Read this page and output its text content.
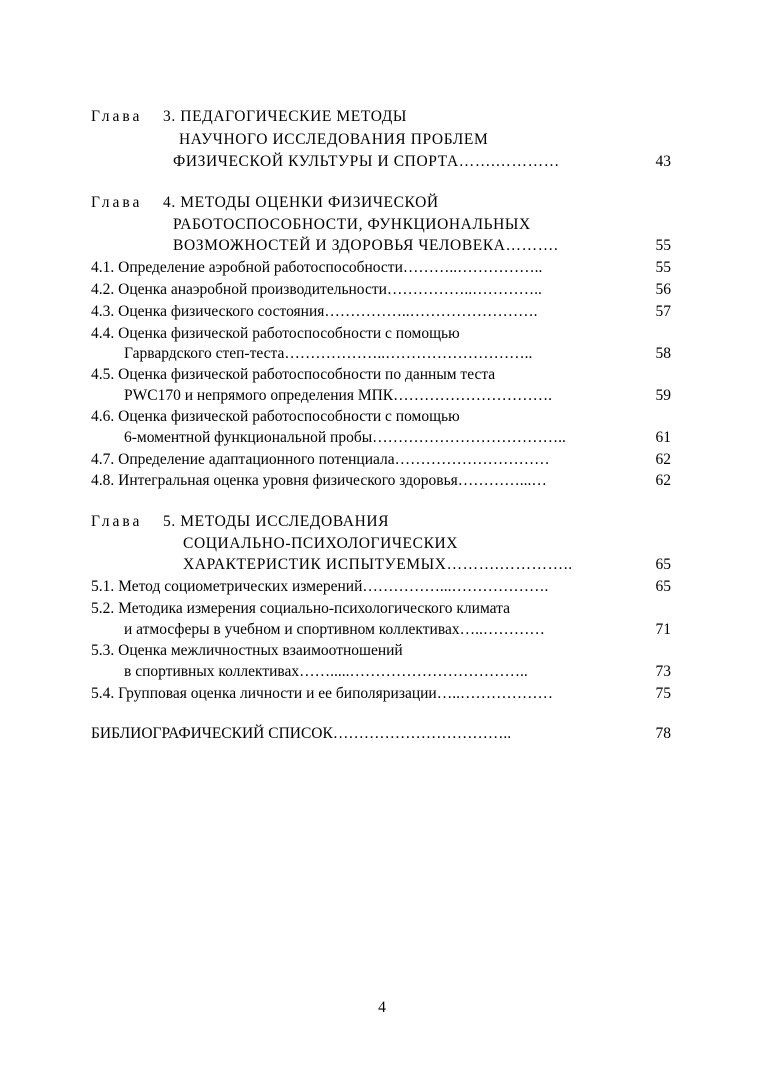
Глава 3. ПЕДАГОГИЧЕСКИЕ МЕТОДЫ
НАУЧНОГО ИССЛЕДОВАНИЯ ПРОБЛЕМ
ФИЗИЧЕСКОЙ КУЛЬТУРЫ И СПОРТА…….…………	43
Глава 4. МЕТОДЫ ОЦЕНКИ ФИЗИЧЕСКОЙ
РАБОТОСПОСОБНОСТИ, ФУНКЦИОНАЛЬНЫХ
ВОЗМОЖНОСТЕЙ И ЗДОРОВЬЯ ЧЕЛОВЕКА……….	55
4.1. Определение аэробной работоспособности………..……………..	55
4.2. Оценка анаэробной производительности……………..…………..	56
4.3. Оценка физического состояния……………..…………………….	57
4.4. Оценка физической работоспособности с помощью
Гарвардского степ-теста………………..………………………..	58
4.5. Оценка физической работоспособности по данным теста
PWC170 и непрямого определения МПК………………………….	59
4.6. Оценка физической работоспособности с помощью
6-моментной функциональной пробы………………………………..	61
4.7. Определение адаптационного потенциала…………………………	62
4.8. Интегральная оценка уровня физического здоровья…………...…	62
Глава 5. МЕТОДЫ ИССЛЕДОВАНИЯ
СОЦИАЛЬНО-ПСИХОЛОГИЧЕСКИХ
ХАРАКТЕРИСТИК ИСПЫТУЕМЫХ……….…………..	65
5.1. Метод социометрических измерений……………...……………….	65
5.2. Методика измерения социально-психологического климата
и атмосферы в учебном и спортивном коллективах…..…………	71
5.3. Оценка межличностных взаимоотношений
в спортивных коллективах…….....……………………………..	73
5.4. Групповая оценка личности и ее биполяризации…..………………	75
БИБЛИОГРАФИЧЕСКИЙ СПИСОК……………………………..	78
4
